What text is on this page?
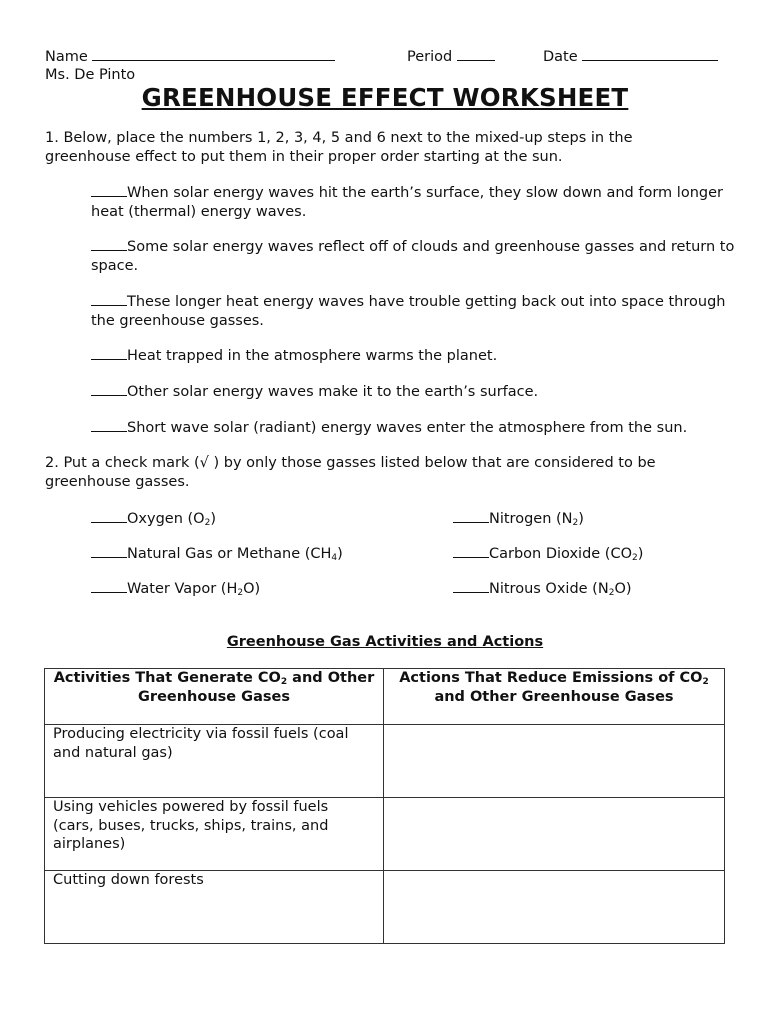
Name	Period	Date
Ms. De Pinto
GREENHOUSE EFFECT WORKSHEET
1. Below, place the numbers 1, 2, 3, 4, 5 and 6 next to the mixed-up steps in the greenhouse effect to put them in their proper order starting at the sun.
When solar energy waves hit the earth’s surface, they slow down and form longer heat (thermal) energy waves.
Some solar energy waves reflect off of clouds and greenhouse gasses and return to space.
These longer heat energy waves have trouble getting back out into space through the greenhouse gasses.
Heat trapped in the atmosphere warms the planet.
Other solar energy waves make it to the earth’s surface.
Short wave solar (radiant) energy waves enter the atmosphere from the sun.
2. Put a check mark (√ ) by only those gasses listed below that are considered to be greenhouse gasses.
Oxygen $(O_2)$	Nitrogen $(N_2)$
Natural Gas or Methane $(CH_4)$	Carbon Dioxide $(CO_2)$
Water Vapor $(H_2O)$	Nitrous Oxide $(N_2O)$
Greenhouse Gas Activities and Actions
Activities That Generate $CO_2$ and Other
Greenhouse Gases	Actions That Reduce Emissions of $CO_2$ and Other Greenhouse Gases
Producing electricity via fossil fuels (coal and natural gas)	
Using vehicles powered by fossil fuels (cars, buses, trucks, ships, trains, and airplanes)	
Cutting down forests	
